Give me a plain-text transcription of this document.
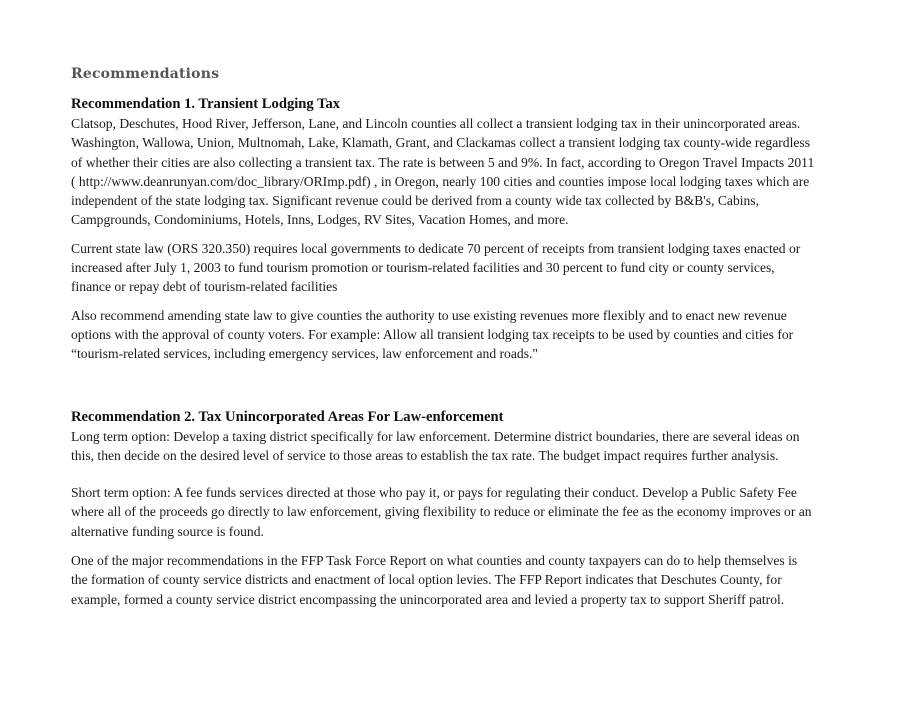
Recommendations
Recommendation 1. Transient Lodging Tax

Clatsop, Deschutes, Hood River, Jefferson, Lane, and Lincoln counties all collect a transient lodging tax in their unincorporated areas. Washington, Wallowa, Union, Multnomah, Lake, Klamath, Grant, and Clackamas collect a transient lodging tax county-wide regardless of whether their cities are also collecting a transient tax. The rate is between 5 and 9%. In fact, according to Oregon Travel Impacts 2011 ( http://www.deanrunyan.com/doc_library/ORImp.pdf) , in Oregon, nearly 100 cities and counties impose local lodging taxes which are independent of the state lodging tax. Significant revenue could be derived from a county wide tax collected by B&B's, Cabins, Campgrounds, Condominiums, Hotels, Inns, Lodges, RV Sites, Vacation Homes, and more.

Current state law (ORS 320.350) requires local governments to dedicate 70 percent of receipts from transient lodging taxes enacted or increased after July 1, 2003 to fund tourism promotion or tourism-related facilities and 30 percent to fund city or county services, finance or repay debt of tourism-related facilities

Also recommend amending state law to give counties the authority to use existing revenues more flexibly and to enact new revenue options with the approval of county voters. For example: Allow all transient lodging tax receipts to be used by counties and cities for “tourism-related services, including emergency services, law enforcement and roads."

Recommendation 2. Tax Unincorporated Areas For Law-enforcement

Long term option: Develop a taxing district specifically for law enforcement. Determine district boundaries, there are several ideas on this, then decide on the desired level of service to those areas to establish the tax rate. The budget impact requires further analysis.

Short term option: A fee funds services directed at those who pay it, or pays for regulating their conduct. Develop a Public Safety Fee where all of the proceeds go directly to law enforcement, giving flexibility to reduce or eliminate the fee as the economy improves or an alternative funding source is found.

One of the major recommendations in the FFP Task Force Report on what counties and county taxpayers can do to help themselves is the formation of county service districts and enactment of local option levies. The FFP Report indicates that Deschutes County, for example, formed a county service district encompassing the unincorporated area and levied a property tax to support Sheriff patrol.
